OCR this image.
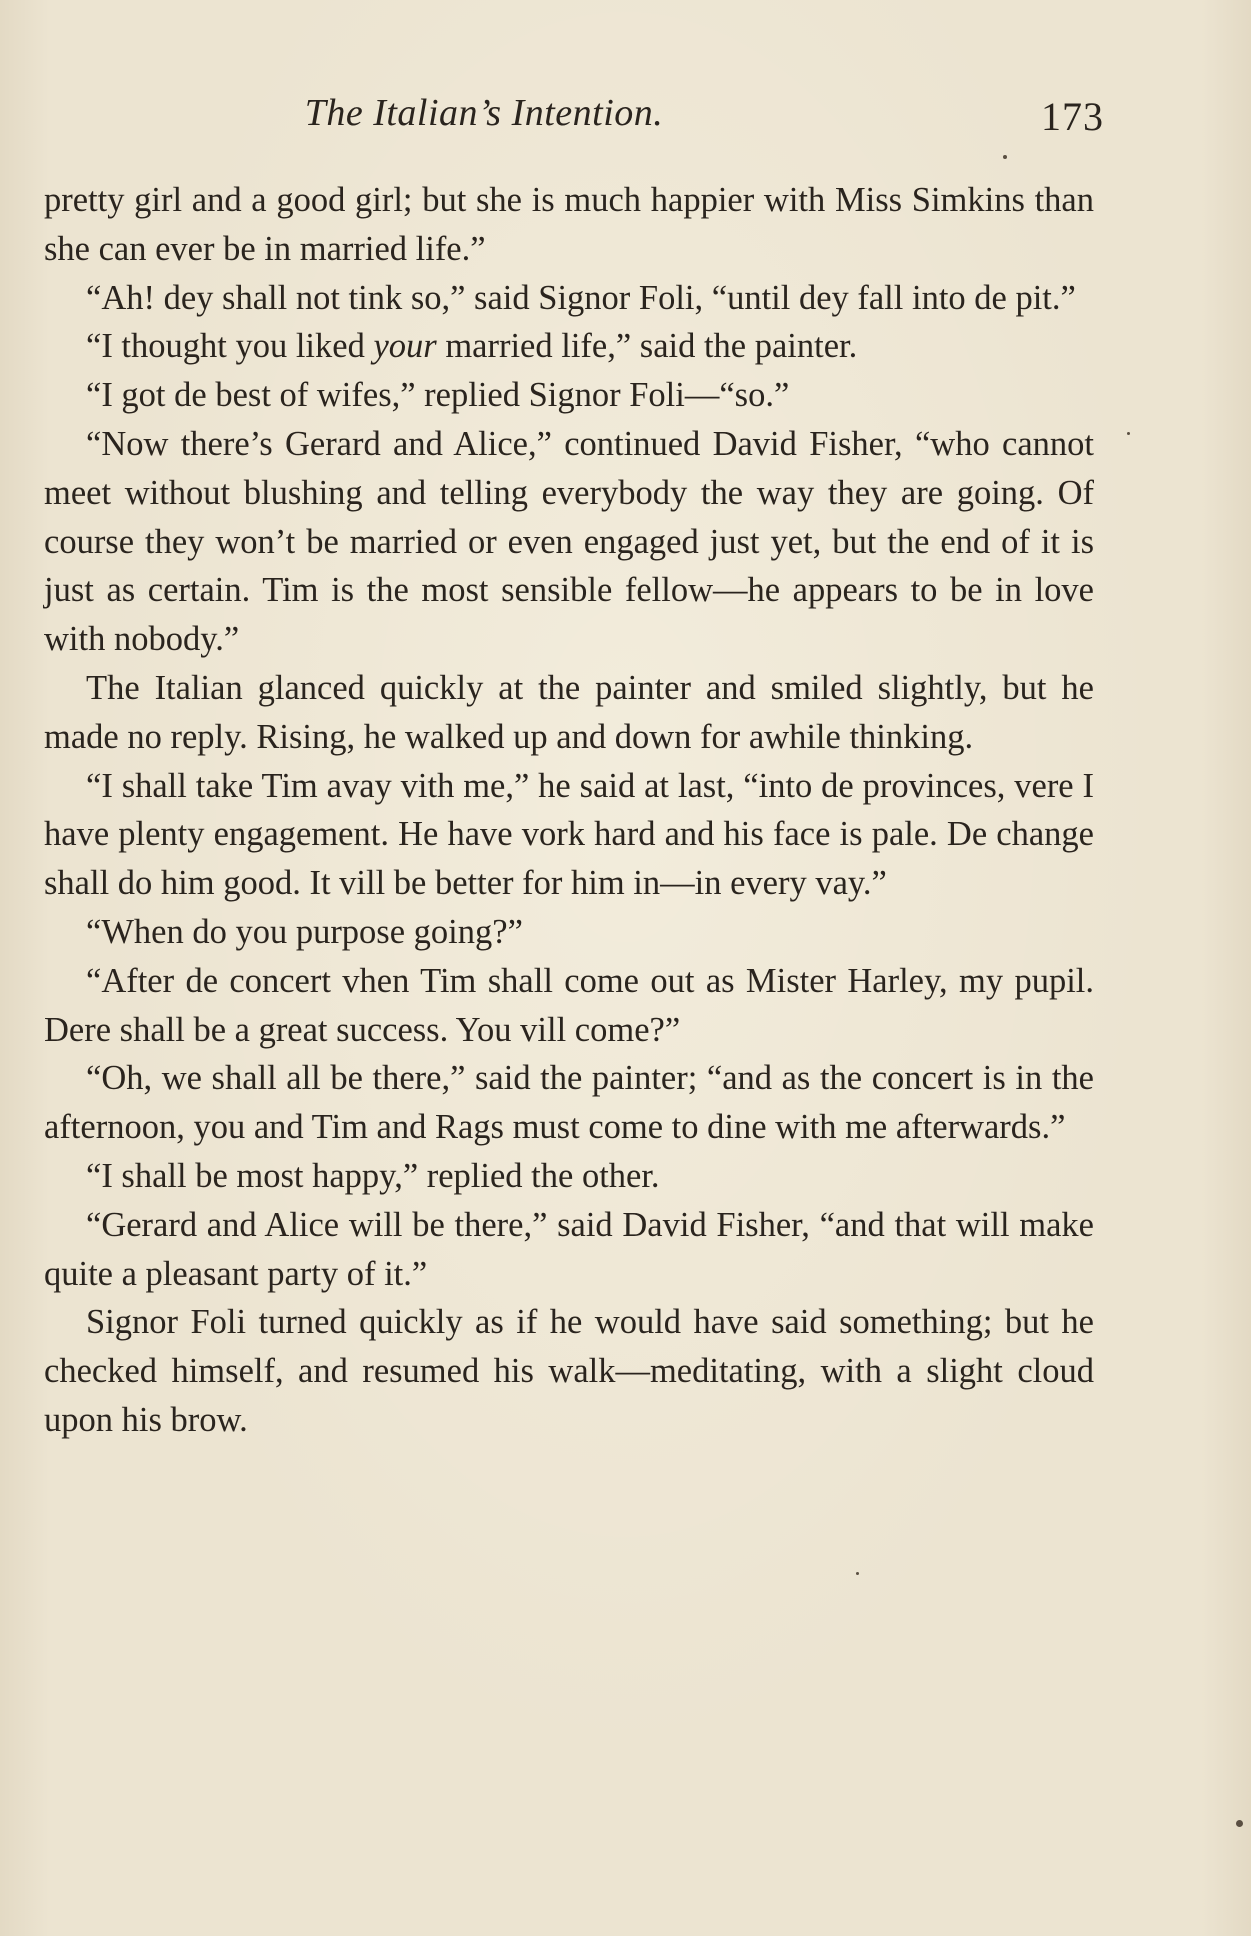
The Italian’s Intention.	173

pretty girl and a good girl; but she is much happier with Miss Simkins than she can ever be in married life.”

“Ah! dey shall not tink so,” said Signor Foli, “until dey fall into de pit.”

“I thought you liked your married life,” said the painter.

“I got de best of wifes,” replied Signor Foli—“so.”

“Now there’s Gerard and Alice,” continued David Fisher, “who cannot meet without blushing and telling everybody the way they are going. Of course they won’t be married or even engaged just yet, but the end of it is just as certain. Tim is the most sensible fellow—he appears to be in love with nobody.”

The Italian glanced quickly at the painter and smiled slightly, but he made no reply. Rising, he walked up and down for awhile thinking.

“I shall take Tim avay vith me,” he said at last, “into de provinces, vere I have plenty engagement. He have vork hard and his face is pale. De change shall do him good. It vill be better for him in—in every vay.”

“When do you purpose going?”

“After de concert vhen Tim shall come out as Mister Harley, my pupil. Dere shall be a great success. You vill come?”

“Oh, we shall all be there,” said the painter; “and as the concert is in the afternoon, you and Tim and Rags must come to dine with me afterwards.”

“I shall be most happy,” replied the other.

“Gerard and Alice will be there,” said David Fisher, “and that will make quite a pleasant party of it.”

Signor Foli turned quickly as if he would have said something; but he checked himself, and resumed his walk—meditating, with a slight cloud upon his brow.
